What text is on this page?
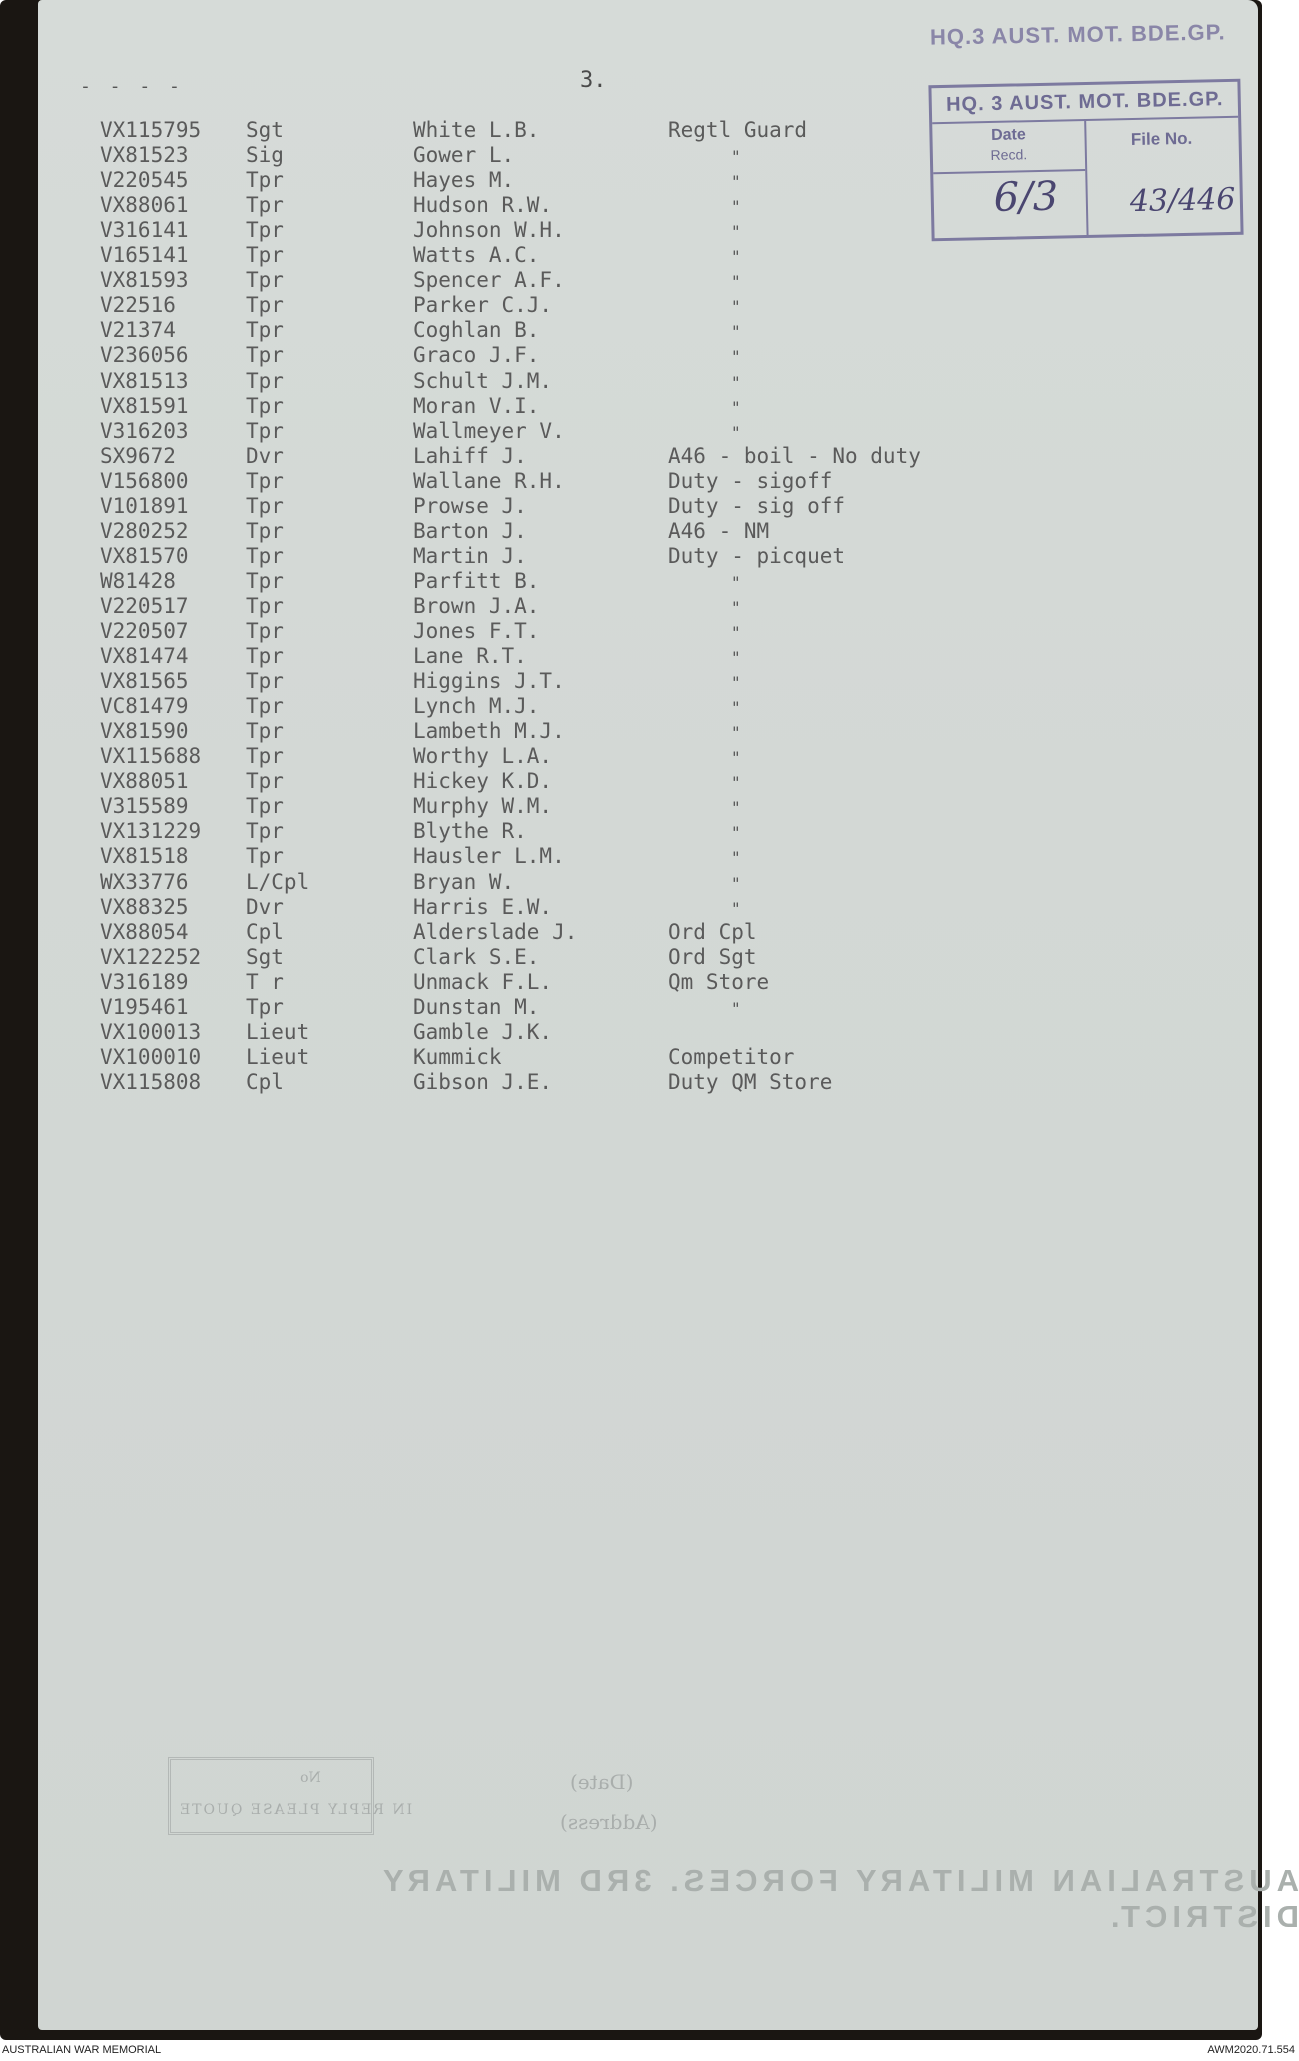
- - - -
HQ.3 AUST. MOT. BDE.GP.
3.
HQ. 3 AUST. MOT. BDE.GP.
Date
Recd.
File No.
6/3 43/446
VX115795 Sgt	White L.B.	Regtl Guard
VX81523	Sig	Gower L.	"
V220545	Tpr	Hayes M.	"
VX88061	Tpr	Hudson R.W.	"
V316141	Tpr	Johnson W.H.	"
V165141	Tpr	Watts A.C.	"
VX81593	Tpr	Spencer A.F.	"
V22516	Tpr	Parker C.J.	"
V21374	Tpr	Coghlan B.	"
V236056	Tpr	Graco J.F.	"
VX81513	Tpr	Schult J.M.	"
VX81591	Tpr	Moran V.I.	"
V316203	Tpr	Wallmeyer V.	"
SX9672	Dvr	Lahiff J.	A46 - boil - No duty
V156800	Tpr	Wallane R.H.	Duty - sigoff
V101891	Tpr	Prowse J.	Duty - sig off
V280252	Tpr	Barton J.	A46 - NM
VX81570	Tpr	Martin J.	Duty - picquet
W81428	Tpr	Parfitt B.	"
V220517	Tpr	Brown J.A.	"
V220507	Tpr	Jones F.T.	"
VX81474	Tpr	Lane R.T.	"
VX81565	Tpr	Higgins J.T.	"
VC81479	Tpr	Lynch M.J.	"
VX81590	Tpr	Lambeth M.J.	"
VX115688 Tpr	Worthy L.A.	"
VX88051	Tpr	Hickey K.D.	"
V315589	Tpr	Murphy W.M.	"
VX131229 Tpr	Blythe R.	"
VX81518	Tpr	Hausler L.M.	"
WX33776	L/Cpl	Bryan W.	"
VX88325	Dvr	Harris E.W.	"
VX88054	Cpl	Alderslade J.	Ord Cpl
VX122252 Sgt	Clark S.E.	Ord Sgt
V316189	T r	Unmack F.L.	Qm Store
V195461	Tpr	Dunstan M.	"
VX100013 Lieut	Gamble J.K.
VX100010 Lieut	Kummick	Competitor
VX115808 Cpl	Gibson J.E.	Duty QM Store
No
IN REPLY PLEASE QUOTE
(Date)
(Address)
AUSTRALIAN MILITARY FORCES. 3RD MILITARY DISTRICT.
AUSTRALIAN WAR MEMORIAL	AWM2020.71.554
